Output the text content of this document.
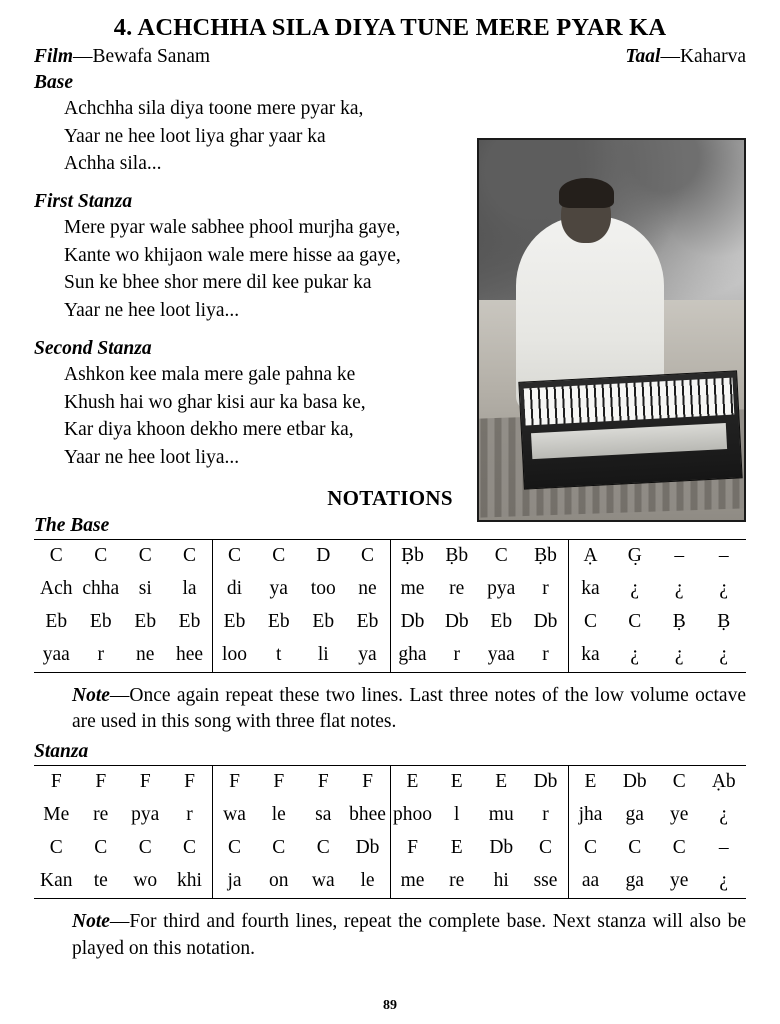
4. ACHCHHA SILA DIYA TUNE MERE PYAR KA
Film—Bewafa Sanam	Taal—Kaharva
Base
Achchha sila diya toone mere pyar ka,
Yaar ne hee loot liya ghar yaar ka
Achha sila...
First Stanza
Mere pyar wale sabhee phool murjha gaye,
Kante wo khijaon wale mere hisse aa gaye,
Sun ke bhee shor mere dil kee pukar ka
Yaar ne hee loot liya...
Second Stanza
Ashkon kee mala mere gale pahna ke
Khush hai wo ghar kisi aur ka basa ke,
Kar diya khoon dekho mere etbar ka,
Yaar ne hee loot liya...
NOTATIONS
The Base
C	C	C	C	C	C	D	C	Ḅb	Ḅb	C	Ḅb	Ạ	G̣	–	–
Ach	chha	si	la	di	ya	too	ne	me	re	pya	r	ka	¿	¿	¿
Eb	Eb	Eb	Eb	Eb	Eb	Eb	Eb	Db	Db	Eb	Db	C	C	Ḅ	Ḅ
yaa	r	ne	hee	loo	t	li	ya	gha	r	yaa	r	ka	¿	¿	¿
Note—Once again repeat these two lines. Last three notes of the low volume octave are used in this song with three flat notes.
Stanza
F	F	F	F	F	F	F	F	E	E	E	Db	E	Db	C	Ạb
Me	re	pya	r	wa	le	sa	bhee	phoo	l	mu	r	jha	ga	ye	¿
C	C	C	C	C	C	C	Db	F	E	Db	C	C	C	C	–
Kan	te	wo	khi	ja	on	wa	le	me	re	hi	sse	aa	ga	ye	¿
Note—For third and fourth lines, repeat the complete base. Next stanza will also be played on this notation.
89
